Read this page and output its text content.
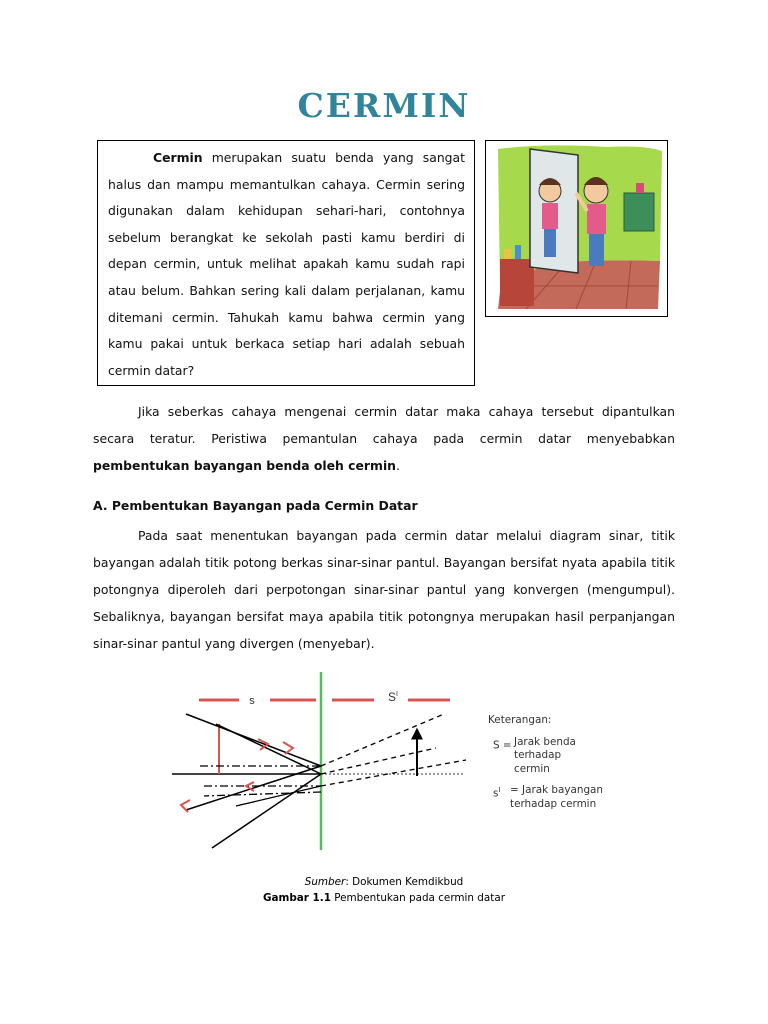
CERMIN

Cermin merupakan suatu benda yang sangat halus dan mampu memantulkan cahaya. Cermin sering digunakan dalam kehidupan sehari-hari, contohnya sebelum berangkat ke sekolah pasti kamu berdiri di depan cermin, untuk melihat apakah kamu sudah rapi atau belum. Bahkan sering kali dalam perjalanan, kamu ditemani cermin. Tahukah kamu bahwa cermin yang kamu pakai untuk berkaca setiap hari adalah sebuah cermin datar?

Jika seberkas cahaya mengenai cermin datar maka cahaya tersebut dipantulkan secara teratur. Peristiwa pemantulan cahaya pada cermin datar menyebabkan pembentukan bayangan benda oleh cermin.

A. Pembentukan Bayangan pada Cermin Datar

Pada saat menentukan bayangan pada cermin datar melalui diagram sinar, titik bayangan adalah titik potong berkas sinar-sinar pantul. Bayangan bersifat nyata apabila titik potongnya diperoleh dari perpotongan sinar-sinar pantul yang konvergen (mengumpul). Sebaliknya, bayangan bersifat maya apabila titik potongnya merupakan hasil perpanjangan sinar-sinar pantul yang divergen (menyebar).

s	$S^I$
Keterangan:
S = Jarak benda terhadap cermin
$s^I$ = Jarak bayangan terhadap cermin
Sumber: Dokumen Kemdikbud
Gambar 1.1 Pembentukan pada cermin datar
